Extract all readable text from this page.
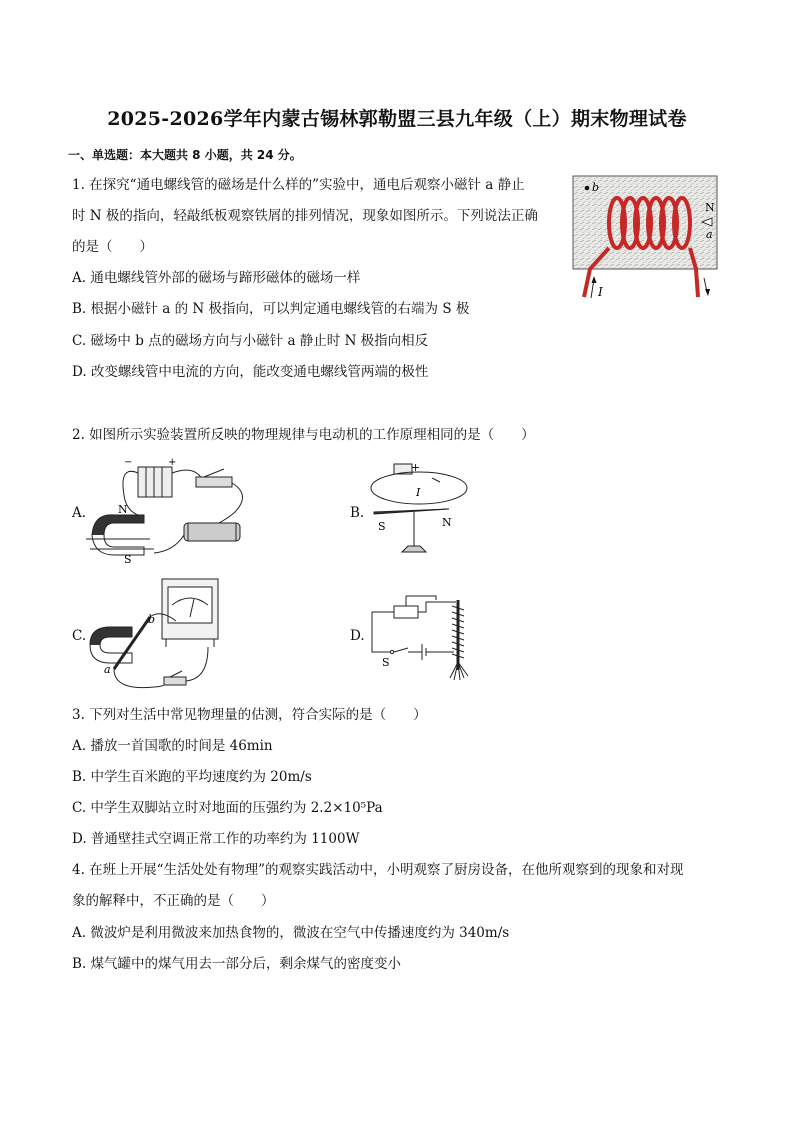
2025-2026学年内蒙古锡林郭勒盟三县九年级（上）期末物理试卷
一、单选题：本大题共 8 小题，共 24 分。
1. 在探究“通电螺线管的磁场是什么样的”实验中，通电后观察小磁针 a 静止
时 N 极的指向，轻敲纸板观察铁屑的排列情况，现象如图所示。下列说法正确
的是（　　）
A. 通电螺线管外部的磁场与蹄形磁体的磁场一样
B. 根据小磁针 a 的 N 极指向，可以判定通电螺线管的右端为 S 极
C. 磁场中 b 点的磁场方向与小磁针 a 静止时 N 极指向相反
D. 改变螺线管中电流的方向，能改变通电螺线管两端的极性
b
N
a
I
2. 如图所示实验装置所反映的物理规律与电动机的工作原理相同的是（　　）
A.	B.
C.	D.
−	+
N
S
+
I
S	N
b
a
S
3. 下列对生活中常见物理量的估测，符合实际的是（　　）
A. 播放一首国歌的时间是 46min
B. 中学生百米跑的平均速度约为 20m/s
C. 中学生双脚站立时对地面的压强约为 2.2×10⁵Pa
D. 普通壁挂式空调正常工作的功率约为 1100W
4. 在班上开展“生活处处有物理”的观察实践活动中，小明观察了厨房设备，在他所观察到的现象和对现
象的解释中，不正确的是（　　）
A. 微波炉是利用微波来加热食物的，微波在空气中传播速度约为 340m/s
B. 煤气罐中的煤气用去一部分后，剩余煤气的密度变小
